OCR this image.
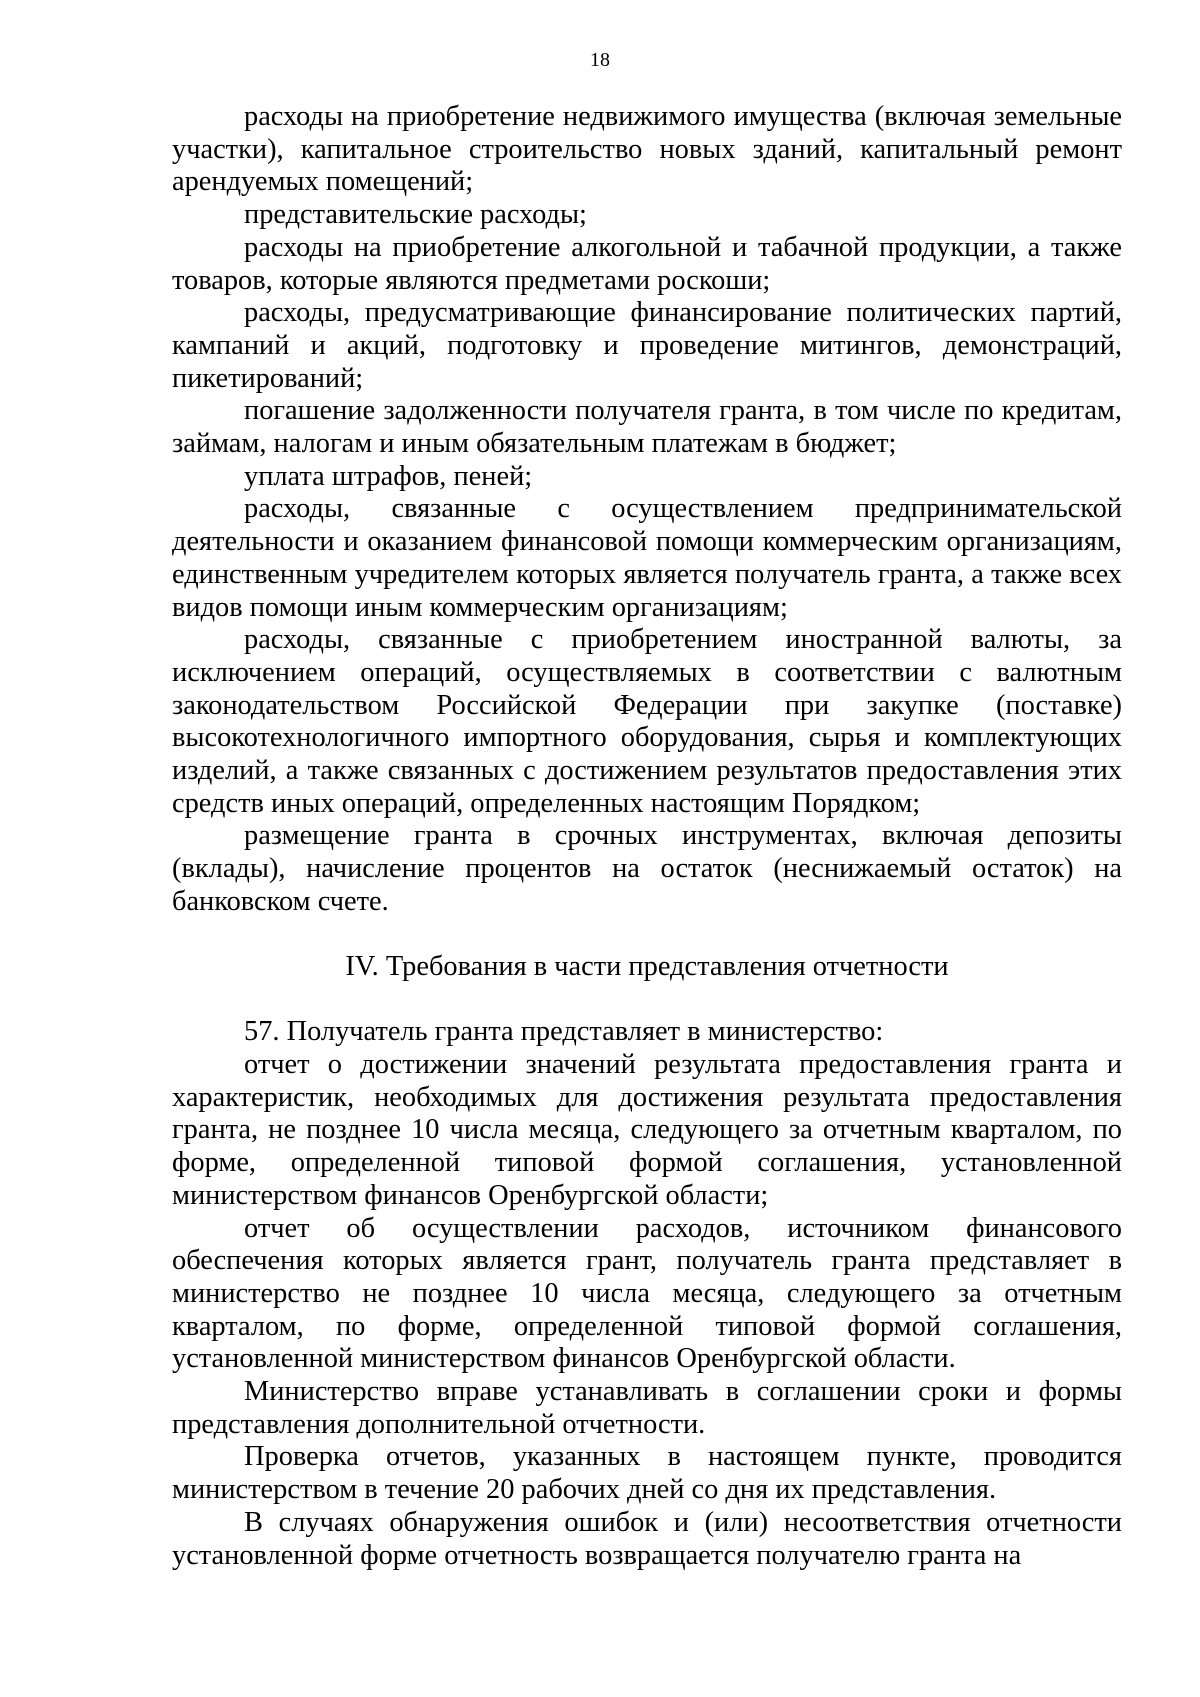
18

расходы на приобретение недвижимого имущества (включая земельные участки), капитальное строительство новых зданий, капитальный ремонт арендуемых помещений;

представительские расходы;

расходы на приобретение алкогольной и табачной продукции, а также товаров, которые являются предметами роскоши;

расходы, предусматривающие финансирование политических партий, кампаний и акций, подготовку и проведение митингов, демонстраций, пикетирований;

погашение задолженности получателя гранта, в том числе по кредитам, займам, налогам и иным обязательным платежам в бюджет;

уплата штрафов, пеней;

расходы, связанные с осуществлением предпринимательской деятельности и оказанием финансовой помощи коммерческим организациям, единственным учредителем которых является получатель гранта, а также всех видов помощи иным коммерческим организациям;

расходы, связанные с приобретением иностранной валюты, за исключением операций, осуществляемых в соответствии с валютным законодательством Российской Федерации при закупке (поставке) высокотехнологичного импортного оборудования, сырья и комплектующих изделий, а также связанных с достижением результатов предоставления этих средств иных операций, определенных настоящим Порядком;

размещение гранта в срочных инструментах, включая депозиты (вклады), начисление процентов на остаток (неснижаемый остаток) на банковском счете.

IV. Требования в части представления отчетности

57. Получатель гранта представляет в министерство:

отчет о достижении значений результата предоставления гранта и характеристик, необходимых для достижения результата предоставления гранта, не позднее 10 числа месяца, следующего за отчетным кварталом, по форме, определенной типовой формой соглашения, установленной министерством финансов Оренбургской области;

отчет об осуществлении расходов, источником финансового обеспечения которых является грант, получатель гранта представляет в министерство не позднее 10 числа месяца, следующего за отчетным кварталом, по форме, определенной типовой формой соглашения, установленной министерством финансов Оренбургской области.

Министерство вправе устанавливать в соглашении сроки и формы представления дополнительной отчетности.

Проверка отчетов, указанных в настоящем пункте, проводится министерством в течение 20 рабочих дней со дня их представления.

В случаях обнаружения ошибок и (или) несоответствия отчетности установленной форме отчетность возвращается получателю гранта на
